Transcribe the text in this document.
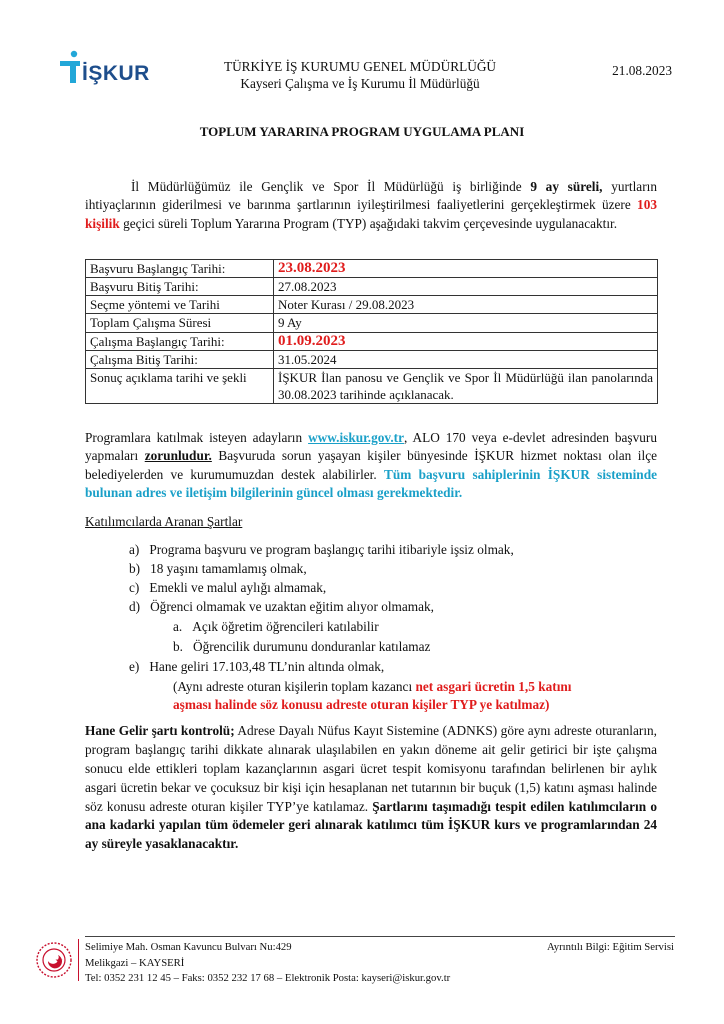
İŞKUR	TÜRKİYE İŞ KURUMU GENEL MÜDÜRLÜĞÜ
Kayseri Çalışma ve İş Kurumu İl Müdürlüğü
21.08.2023
TOPLUM YARARINA PROGRAM UYGULAMA PLANI
İl Müdürlüğümüz ile Gençlik ve Spor İl Müdürlüğü iş birliğinde 9 ay süreli, yurtların ihtiyaçlarının giderilmesi ve barınma şartlarının iyileştirilmesi faaliyetlerini gerçekleştirmek üzere 103 kişilik geçici süreli Toplum Yararına Program (TYP) aşağıdaki takvim çerçevesinde uygulanacaktır.
Başvuru Başlangıç Tarihi:	23.08.2023
Başvuru Bitiş Tarihi:	27.08.2023
Seçme yöntemi ve Tarihi	Noter Kurası / 29.08.2023
Toplam Çalışma Süresi	9 Ay
Çalışma Başlangıç Tarihi:	01.09.2023
Çalışma Bitiş Tarihi:	31.05.2024
Sonuç açıklama tarihi ve şekli	İŞKUR İlan panosu ve Gençlik ve Spor İl Müdürlüğü ilan panolarında 30.08.2023 tarihinde açıklanacak.
Programlara katılmak isteyen adayların www.iskur.gov.tr, ALO 170 veya e-devlet adresinden başvuru yapmaları zorunludur. Başvuruda sorun yaşayan kişiler bünyesinde İŞKUR hizmet noktası olan ilçe belediyelerden ve kurumumuzdan destek alabilirler. Tüm başvuru sahiplerinin İŞKUR sisteminde bulunan adres ve iletişim bilgilerinin güncel olması gerekmektedir.
Katılımcılarda Aranan Şartlar
a) Programa başvuru ve program başlangıç tarihi itibariyle işsiz olmak,
b) 18 yaşını tamamlamış olmak,
c) Emekli ve malul aylığı almamak,
d) Öğrenci olmamak ve uzaktan eğitim alıyor olmamak,
a. Açık öğretim öğrencileri katılabilir
b. Öğrencilik durumunu donduranlar katılamaz
e) Hane geliri 17.103,48 TL’nin altında olmak,
(Aynı adreste oturan kişilerin toplam kazancı net asgari ücretin 1,5 katını
aşması halinde söz konusu adreste oturan kişiler TYP ye katılmaz)
Hane Gelir şartı kontrolü; Adrese Dayalı Nüfus Kayıt Sistemine (ADNKS) göre aynı adreste oturanların, program başlangıç tarihi dikkate alınarak ulaşılabilen en yakın döneme ait gelir getirici bir işte çalışma sonucu elde ettikleri toplam kazançlarının asgari ücret tespit komisyonu tarafından belirlenen bir aylık asgari ücretin bekar ve çocuksuz bir kişi için hesaplanan net tutarının bir buçuk (1,5) katını aşması halinde söz konusu adreste oturan kişiler TYP’ye katılamaz. Şartlarını taşımadığı tespit edilen katılımcıların o ana kadarki yapılan tüm ödemeler geri alınarak katılımcı tüm İŞKUR kurs ve programlarından 24 ay süreyle yasaklanacaktır.
Selimiye Mah. Osman Kavuncu Bulvarı Nu:429
Melikgazi – KAYSERİ
Tel: 0352 231 12 45 – Faks: 0352 232 17 68 – Elektronik Posta: kayseri@iskur.gov.tr
Ayrıntılı Bilgi: Eğitim Servisi
